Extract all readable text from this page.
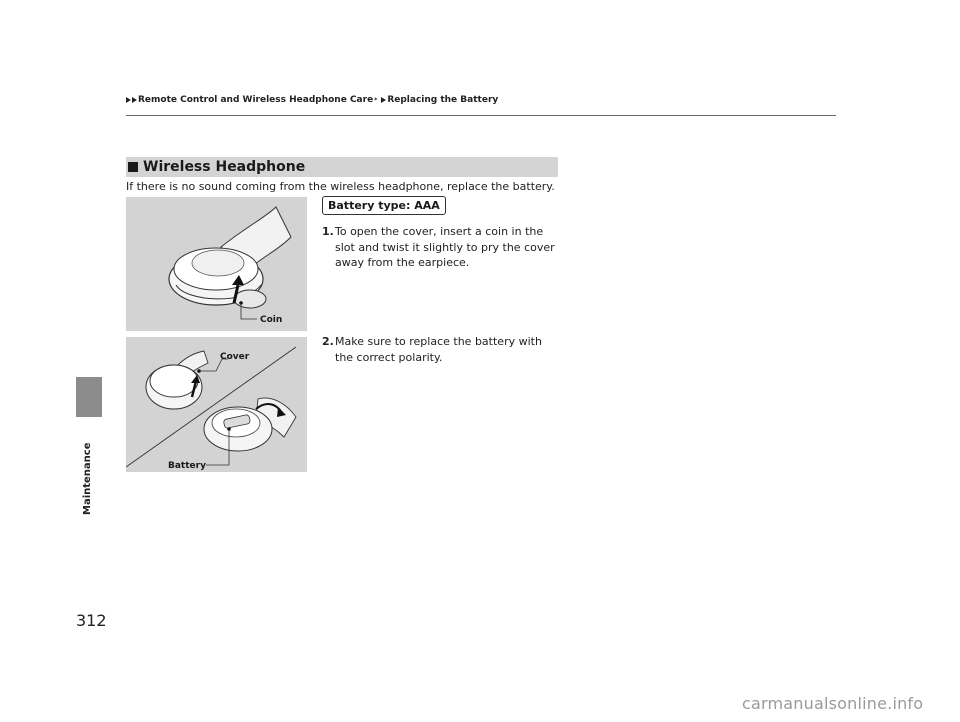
Remote Control and Wireless Headphone Care * Replacing the Battery
Maintenance
Wireless Headphone
If there is no sound coming from the wireless headphone, replace the battery.
Coin
Cover
Battery
Battery type: AAA
1. To open the cover, insert a coin in the slot and twist it slightly to pry the cover away from the earpiece.
2. Make sure to replace the battery with the correct polarity.
312
carmanualsonline.info
